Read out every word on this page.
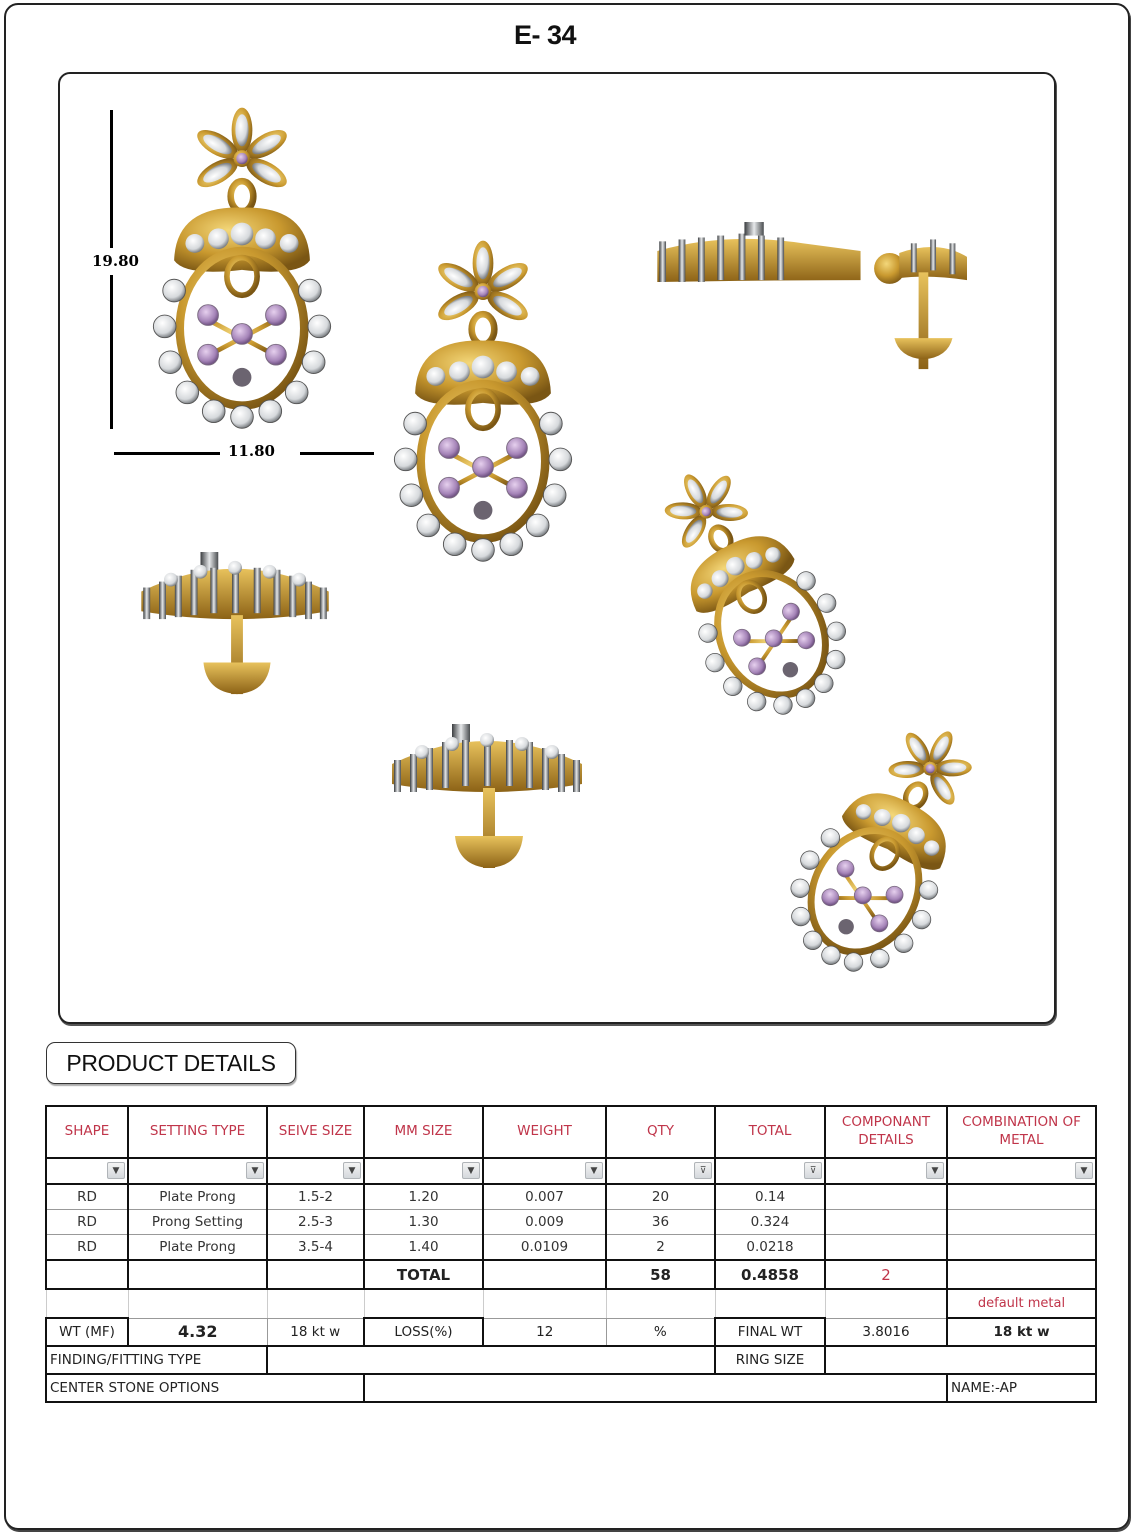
E- 34
19.80
11.80
PRODUCT DETAILS
SHAPE	SETTING TYPE	SEIVE SIZE	MM SIZE	WEIGHT	QTY	TOTAL	COMPONANT DETAILS	COMBINATION OF METAL

▼	▼	▼	▼	▼	⊽	⊽	▼	▼

RD	Plate Prong	1.5-2	1.20	0.007	20	0.14		
RD	Prong Setting	2.5-3	1.30	0.009	36	0.324		
RD	Plate Prong	3.5-4	1.40	0.0109	2	0.0218		
			TOTAL		58	0.4858	2	
								default metal
WT (MF)	4.32	18 kt w	LOSS(%)	12	%	FINAL WT	3.8016	18 kt w
FINDING/FITTING TYPE						RING SIZE		
CENTER STONE OPTIONS								NAME:-AP
